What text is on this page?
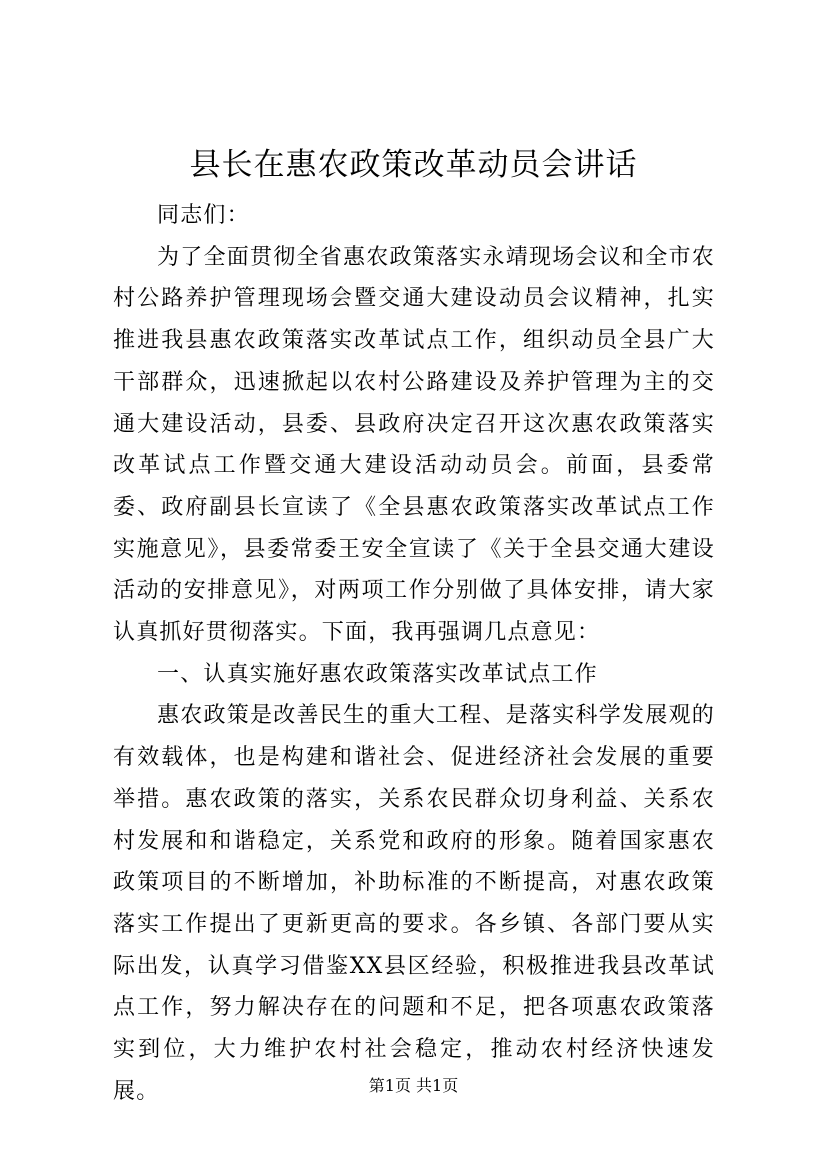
县长在惠农政策改革动员会讲话

同志们：

为了全面贯彻全省惠农政策落实永靖现场会议和全市农村公路养护管理现场会暨交通大建设动员会议精神，扎实推进我县惠农政策落实改革试点工作，组织动员全县广大干部群众，迅速掀起以农村公路建设及养护管理为主的交通大建设活动，县委、县政府决定召开这次惠农政策落实改革试点工作暨交通大建设活动动员会。前面，县委常委、政府副县长宣读了《全县惠农政策落实改革试点工作实施意见》，县委常委王安全宣读了《关于全县交通大建设活动的安排意见》，对两项工作分别做了具体安排，请大家认真抓好贯彻落实。下面，我再强调几点意见：

一、认真实施好惠农政策落实改革试点工作

惠农政策是改善民生的重大工程、是落实科学发展观的有效载体，也是构建和谐社会、促进经济社会发展的重要举措。惠农政策的落实，关系农民群众切身利益、关系农村发展和和谐稳定，关系党和政府的形象。随着国家惠农政策项目的不断增加，补助标准的不断提高，对惠农政策落实工作提出了更新更高的要求。各乡镇、各部门要从实际出发，认真学习借鉴XX县区经验，积极推进我县改革试点工作，努力解决存在的问题和不足，把各项惠农政策落实到位，大力维护农村社会稳定，推动农村经济快速发展。	第1页 共1页
